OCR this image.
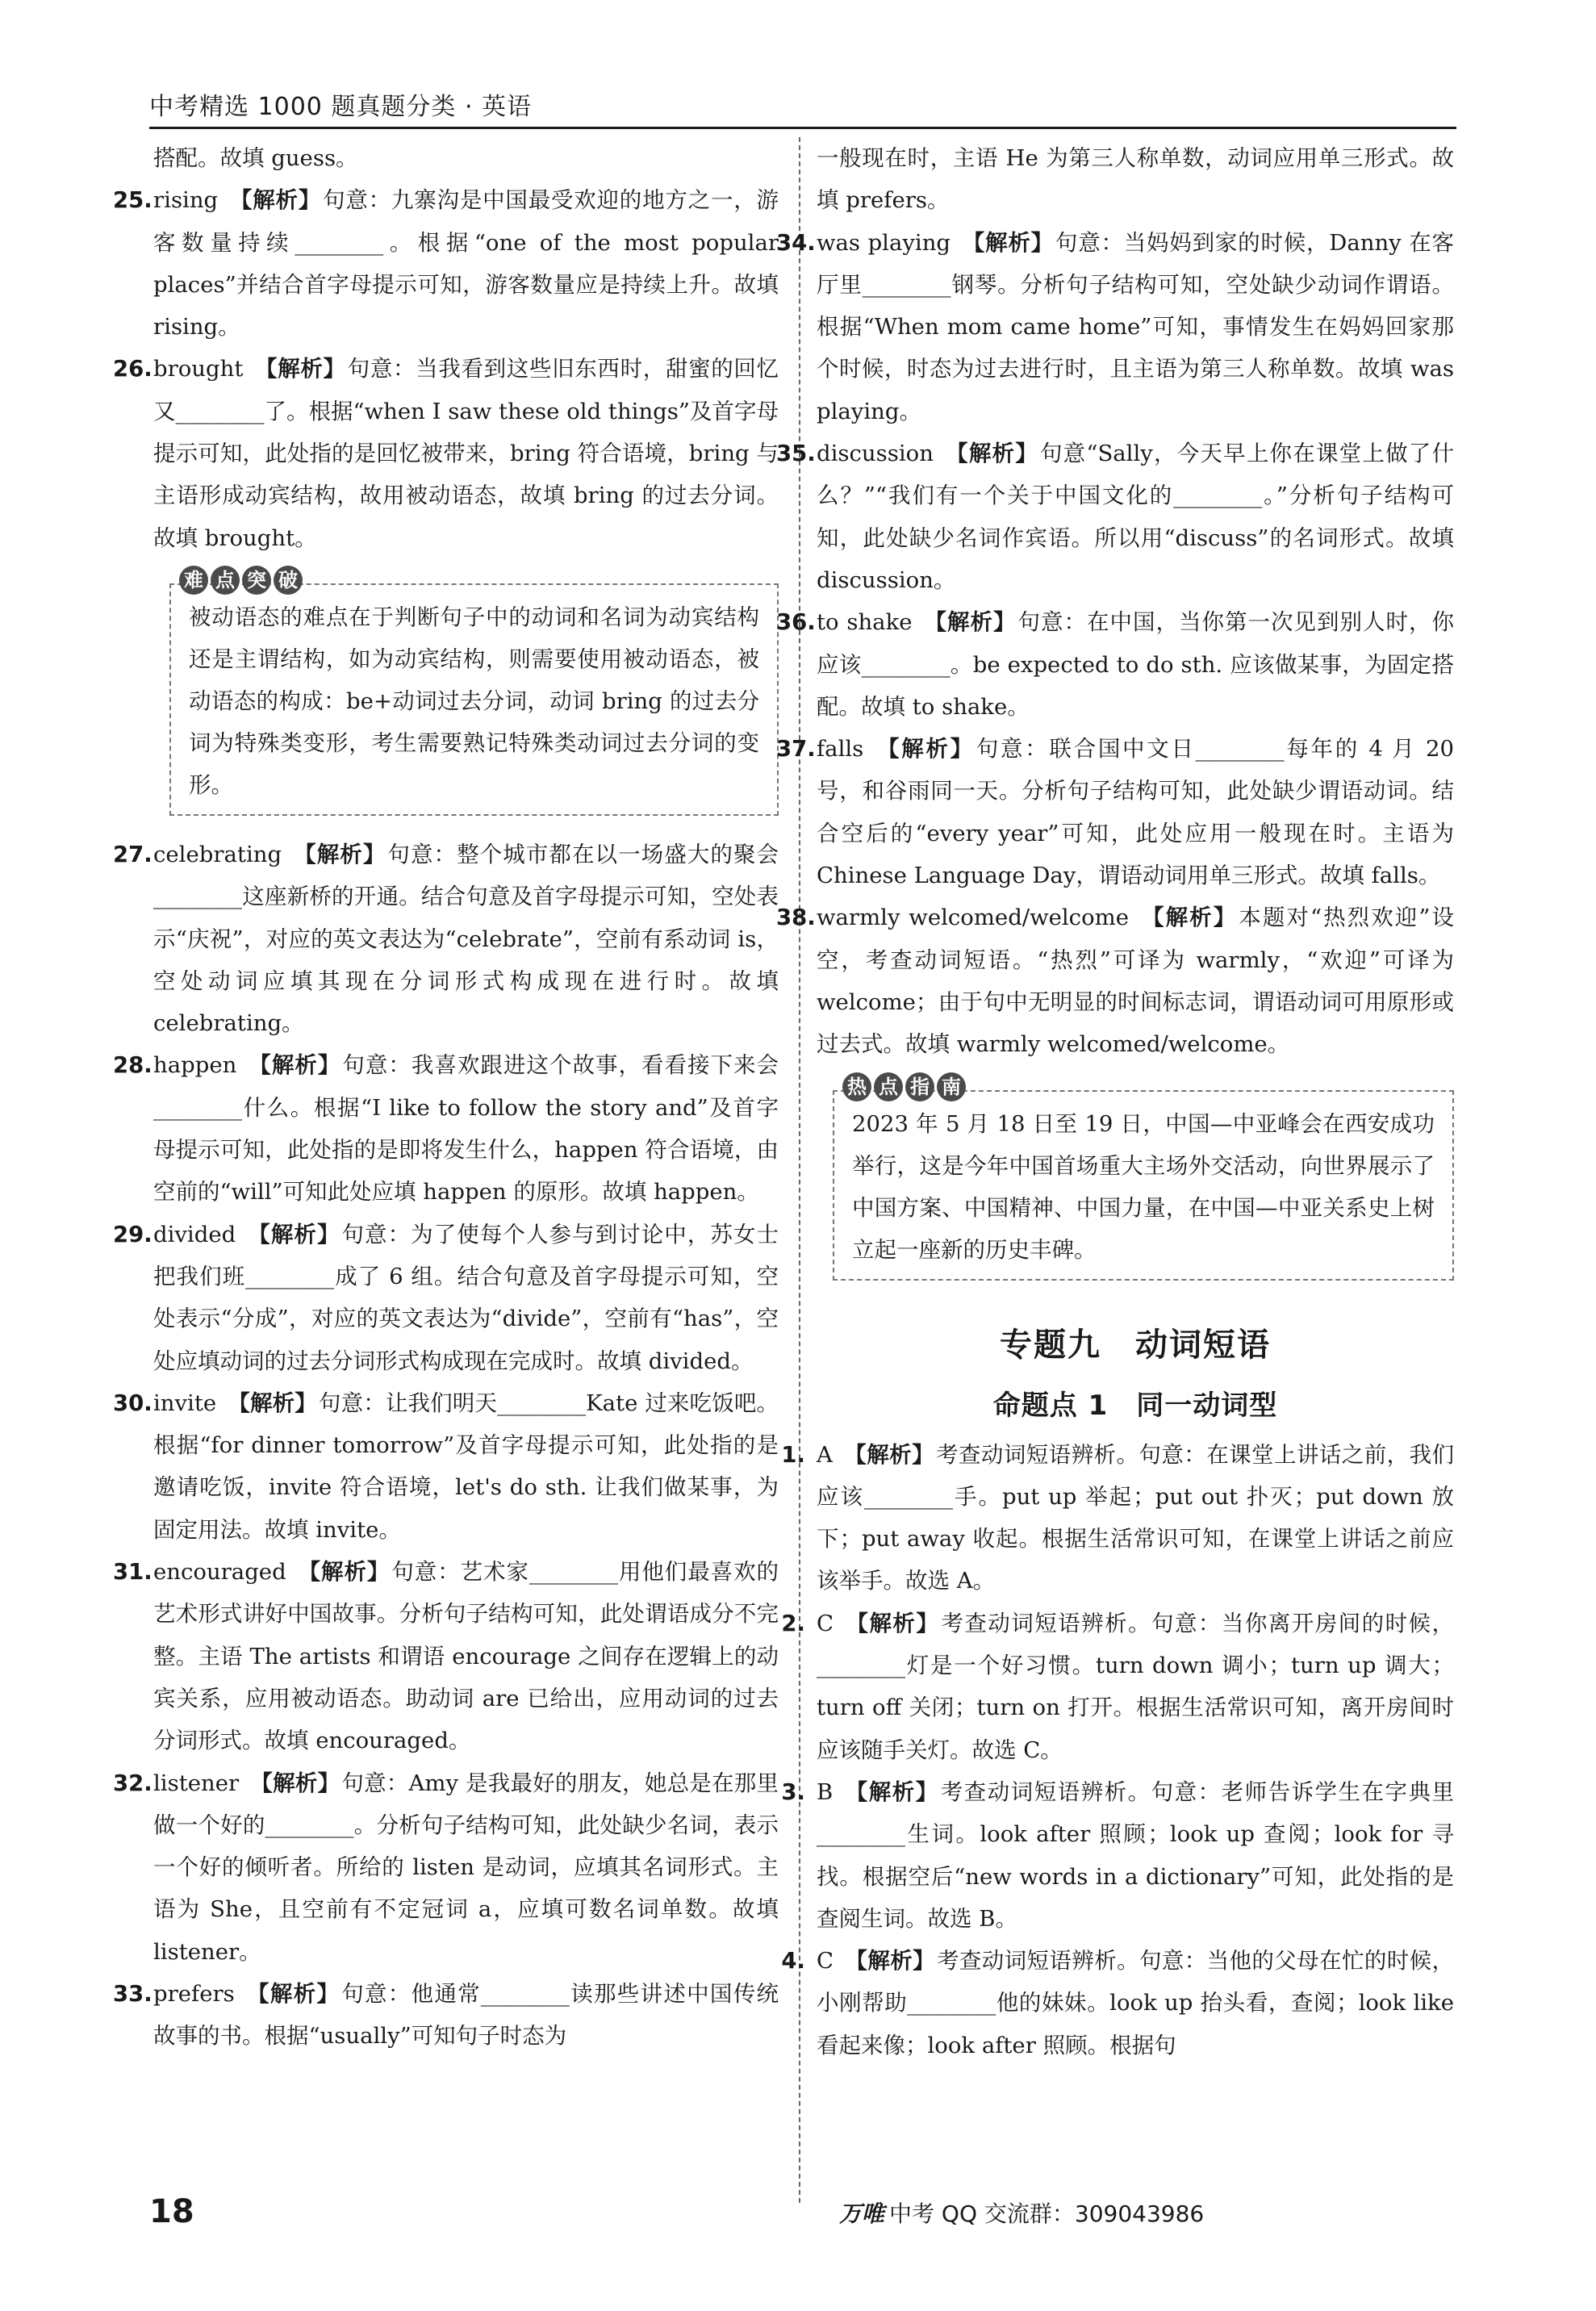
中考精选 1000 题真题分类 · 英语
搭配。故填 guess。
25.rising 【解析】句意：九寨沟是中国最受欢迎的地方之一，游客数量持续________。根据“one of the most popular places”并结合首字母提示可知，游客数量应是持续上升。故填 rising。
26.brought 【解析】句意：当我看到这些旧东西时，甜蜜的回忆又________了。根据“when I saw these old things”及首字母提示可知，此处指的是回忆被带来，bring 符合语境，bring 与主语形成动宾结构，故用被动语态，故填 bring 的过去分词。故填 brought。
难 点 突 破
被动语态的难点在于判断句子中的动词和名词为动宾结构还是主谓结构，如为动宾结构，则需要使用被动语态，被动语态的构成：be+动词过去分词，动词 bring 的过去分词为特殊类变形，考生需要熟记特殊类动词过去分词的变形。
27.celebrating 【解析】句意：整个城市都在以一场盛大的聚会________这座新桥的开通。结合句意及首字母提示可知，空处表示“庆祝”，对应的英文表达为“celebrate”，空前有系动词 is，空处动词应填其现在分词形式构成现在进行时。故填 celebrating。
28.happen 【解析】句意：我喜欢跟进这个故事，看看接下来会________什么。根据“I like to follow the story and”及首字母提示可知，此处指的是即将发生什么，happen 符合语境，由空前的“will”可知此处应填 happen 的原形。故填 happen。
29.divided 【解析】句意：为了使每个人参与到讨论中，苏女士把我们班________成了 6 组。结合句意及首字母提示可知，空处表示“分成”，对应的英文表达为“divide”，空前有“has”，空处应填动词的过去分词形式构成现在完成时。故填 divided。
30.invite 【解析】句意：让我们明天________Kate 过来吃饭吧。根据“for dinner tomorrow”及首字母提示可知，此处指的是邀请吃饭，invite 符合语境，let's do sth. 让我们做某事，为固定用法。故填 invite。
31.encouraged 【解析】句意：艺术家________用他们最喜欢的艺术形式讲好中国故事。分析句子结构可知，此处谓语成分不完整。主语 The artists 和谓语 encourage 之间存在逻辑上的动宾关系，应用被动语态。助动词 are 已给出，应用动词的过去分词形式。故填 encouraged。
32.listener 【解析】句意：Amy 是我最好的朋友，她总是在那里做一个好的________。分析句子结构可知，此处缺少名词，表示一个好的倾听者。所给的 listen 是动词，应填其名词形式。主语为 She，且空前有不定冠词 a，应填可数名词单数。故填 listener。
33.prefers 【解析】句意：他通常________读那些讲述中国传统故事的书。根据“usually”可知句子时态为
一般现在时，主语 He 为第三人称单数，动词应用单三形式。故填 prefers。
34.was playing 【解析】句意：当妈妈到家的时候，Danny 在客厅里________钢琴。分析句子结构可知，空处缺少动词作谓语。根据“When mom came home”可知，事情发生在妈妈回家那个时候，时态为过去进行时，且主语为第三人称单数。故填 was playing。
35.discussion 【解析】句意“Sally，今天早上你在课堂上做了什么？”“我们有一个关于中国文化的________。”分析句子结构可知，此处缺少名词作宾语。所以用“discuss”的名词形式。故填 discussion。
36.to shake 【解析】句意：在中国，当你第一次见到别人时，你应该________。be expected to do sth. 应该做某事，为固定搭配。故填 to shake。
37.falls 【解析】句意：联合国中文日________每年的 4 月 20 号，和谷雨同一天。分析句子结构可知，此处缺少谓语动词。结合空后的“every year”可知，此处应用一般现在时。主语为 Chinese Language Day，谓语动词用单三形式。故填 falls。
38.warmly welcomed/welcome 【解析】本题对“热烈欢迎”设空，考查动词短语。“热烈”可译为 warmly，“欢迎”可译为 welcome；由于句中无明显的时间标志词，谓语动词可用原形或过去式。故填 warmly welcomed/welcome。
热 点 指 南
2023 年 5 月 18 日至 19 日，中国—中亚峰会在西安成功举行，这是今年中国首场重大主场外交活动，向世界展示了中国方案、中国精神、中国力量，在中国—中亚关系史上树立起一座新的历史丰碑。
专题九　动词短语
命题点 1　同一动词型
1. A 【解析】考查动词短语辨析。句意：在课堂上讲话之前，我们应该________手。put up 举起；put out 扑灭；put down 放下；put away 收起。根据生活常识可知，在课堂上讲话之前应该举手。故选 A。
2. C 【解析】考查动词短语辨析。句意：当你离开房间的时候，________灯是一个好习惯。turn down 调小；turn up 调大；turn off 关闭；turn on 打开。根据生活常识可知，离开房间时应该随手关灯。故选 C。
3. B 【解析】考查动词短语辨析。句意：老师告诉学生在字典里________生词。look after 照顾；look up 查阅；look for 寻找。根据空后“new words in a dictionary”可知，此处指的是查阅生词。故选 B。
4. C 【解析】考查动词短语辨析。句意：当他的父母在忙的时候，小刚帮助________他的妹妹。look up 抬头看，查阅；look like 看起来像；look after 照顾。根据句
18	万唯 中考 QQ 交流群：309043986
